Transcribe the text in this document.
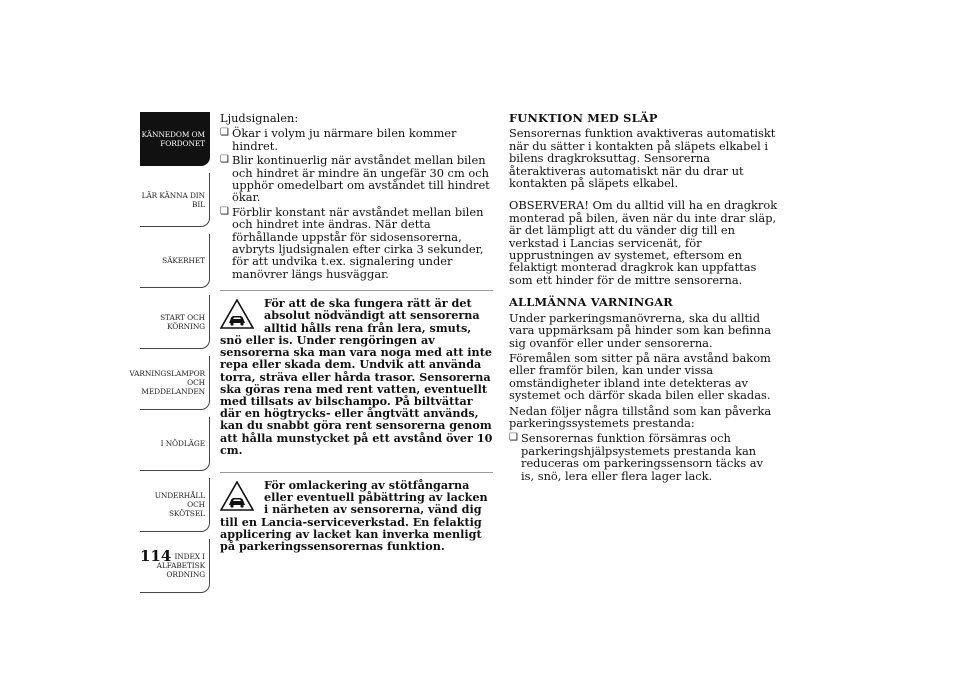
KÄNNEDOM OM
FORDONET
LÄR KÄNNA DIN
BIL
SÄKERHET
START OCH
KÖRNING
VARNINGSLAMPOR
OCH
MEDDELANDEN
I NÖDLÄGE
UNDERHÅLL OCH
SKÖTSEL
INDEX I
ALFABETISK
ORDNING
114

Ljudsignalen:

❏ Ökar i volym ju närmare bilen kommer hindret.
❏ Blir kontinuerlig när avståndet mellan bilen och hindret är mindre än ungefär 30 cm och upphör omedelbart om avståndet till hindret ökar.
❏ Förblir konstant när avståndet mellan bilen och hindret inte ändras. När detta förhållande uppstår för sidosensorerna, avbryts ljudsignalen efter cirka 3 sekunder, för att undvika t.ex. signalering under manövrer längs husväggar.
För att de ska fungera rätt är det absolut nödvändigt att sensorerna alltid hålls rena från lera, smuts, snö eller is. Under rengöringen av sensorerna ska man vara noga med att inte repa eller skada dem. Undvik att använda torra, sträva eller hårda trasor. Sensorerna ska göras rena med rent vatten, eventuellt med tillsats av bilschampo. På biltvättar där en högtrycks- eller ångtvätt används, kan du snabbt göra rent sensorerna genom att hålla munstycket på ett avstånd över 10 cm.
För omlackering av stötfångarna eller eventuell påbättring av lacken i närheten av sensorerna, vänd dig till en Lancia-serviceverkstad. En felaktig applicering av lacket kan inverka menligt på parkeringssensorernas funktion.
FUNKTION MED SLÄP

Sensorernas funktion avaktiveras automatiskt när du sätter i kontakten på släpets elkabel i bilens dragkroksuttag. Sensorerna återaktiveras automatiskt när du drar ut kontakten på släpets elkabel.

OBSERVERA! Om du alltid vill ha en dragkrok monterad på bilen, även när du inte drar släp, är det lämpligt att du vänder dig till en verkstad i Lancias servicenät, för upprustningen av systemet, eftersom en felaktigt monterad dragkrok kan uppfattas som ett hinder för de mittre sensorerna.

ALLMÄNNA VARNINGAR

Under parkeringsmanövrerna, ska du alltid vara uppmärksam på hinder som kan befinna sig ovanför eller under sensorerna.

Föremålen som sitter på nära avstånd bakom eller framför bilen, kan under vissa omständigheter ibland inte detekteras av systemet och därför skada bilen eller skadas.

Nedan följer några tillstånd som kan påverka parkeringssystemets prestanda:

❏ Sensorernas funktion försämras och parkeringshjälpsystemets prestanda kan reduceras om parkeringssensorn täcks av is, snö, lera eller flera lager lack.
